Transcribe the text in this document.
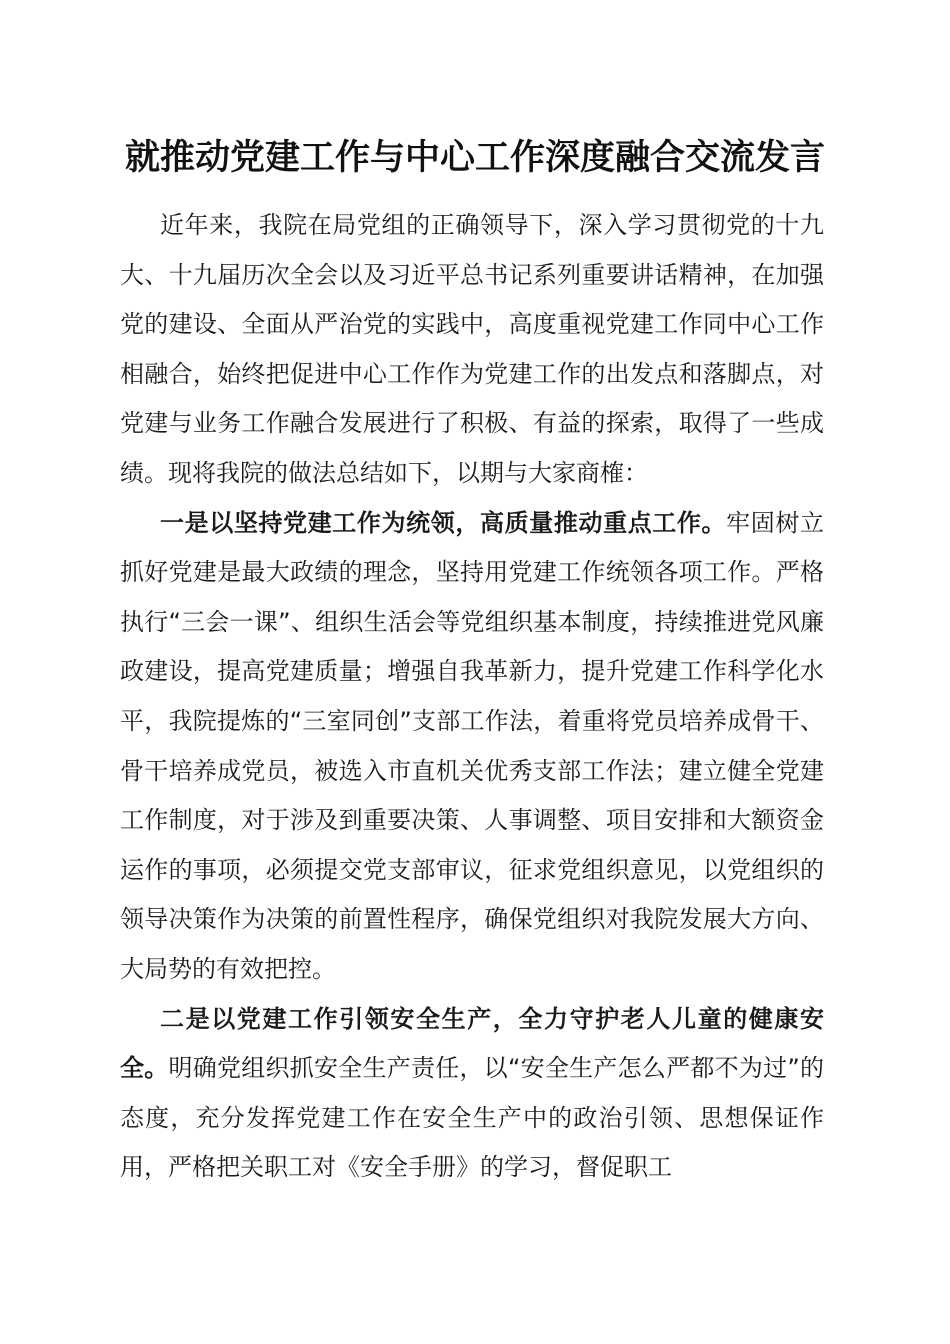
就推动党建工作与中心工作深度融合交流发言

近年来，我院在局党组的正确领导下，深入学习贯彻党的十九大、十九届历次全会以及习近平总书记系列重要讲话精神，在加强党的建设、全面从严治党的实践中，高度重视党建工作同中心工作相融合，始终把促进中心工作作为党建工作的出发点和落脚点，对党建与业务工作融合发展进行了积极、有益的探索，取得了一些成绩。现将我院的做法总结如下，以期与大家商榷：

一是以坚持党建工作为统领，高质量推动重点工作。牢固树立抓好党建是最大政绩的理念，坚持用党建工作统领各项工作。严格执行“三会一课”、组织生活会等党组织基本制度，持续推进党风廉政建设，提高党建质量；增强自我革新力，提升党建工作科学化水平，我院提炼的“三室同创”支部工作法，着重将党员培养成骨干、骨干培养成党员，被选入市直机关优秀支部工作法；建立健全党建工作制度，对于涉及到重要决策、人事调整、项目安排和大额资金运作的事项，必须提交党支部审议，征求党组织意见，以党组织的领导决策作为决策的前置性程序，确保党组织对我院发展大方向、大局势的有效把控。

二是以党建工作引领安全生产，全力守护老人儿童的健康安全。明确党组织抓安全生产责任，以“安全生产怎么严都不为过”的态度，充分发挥党建工作在安全生产中的政治引领、思想保证作用，严格把关职工对《安全手册》的学习，督促职工
